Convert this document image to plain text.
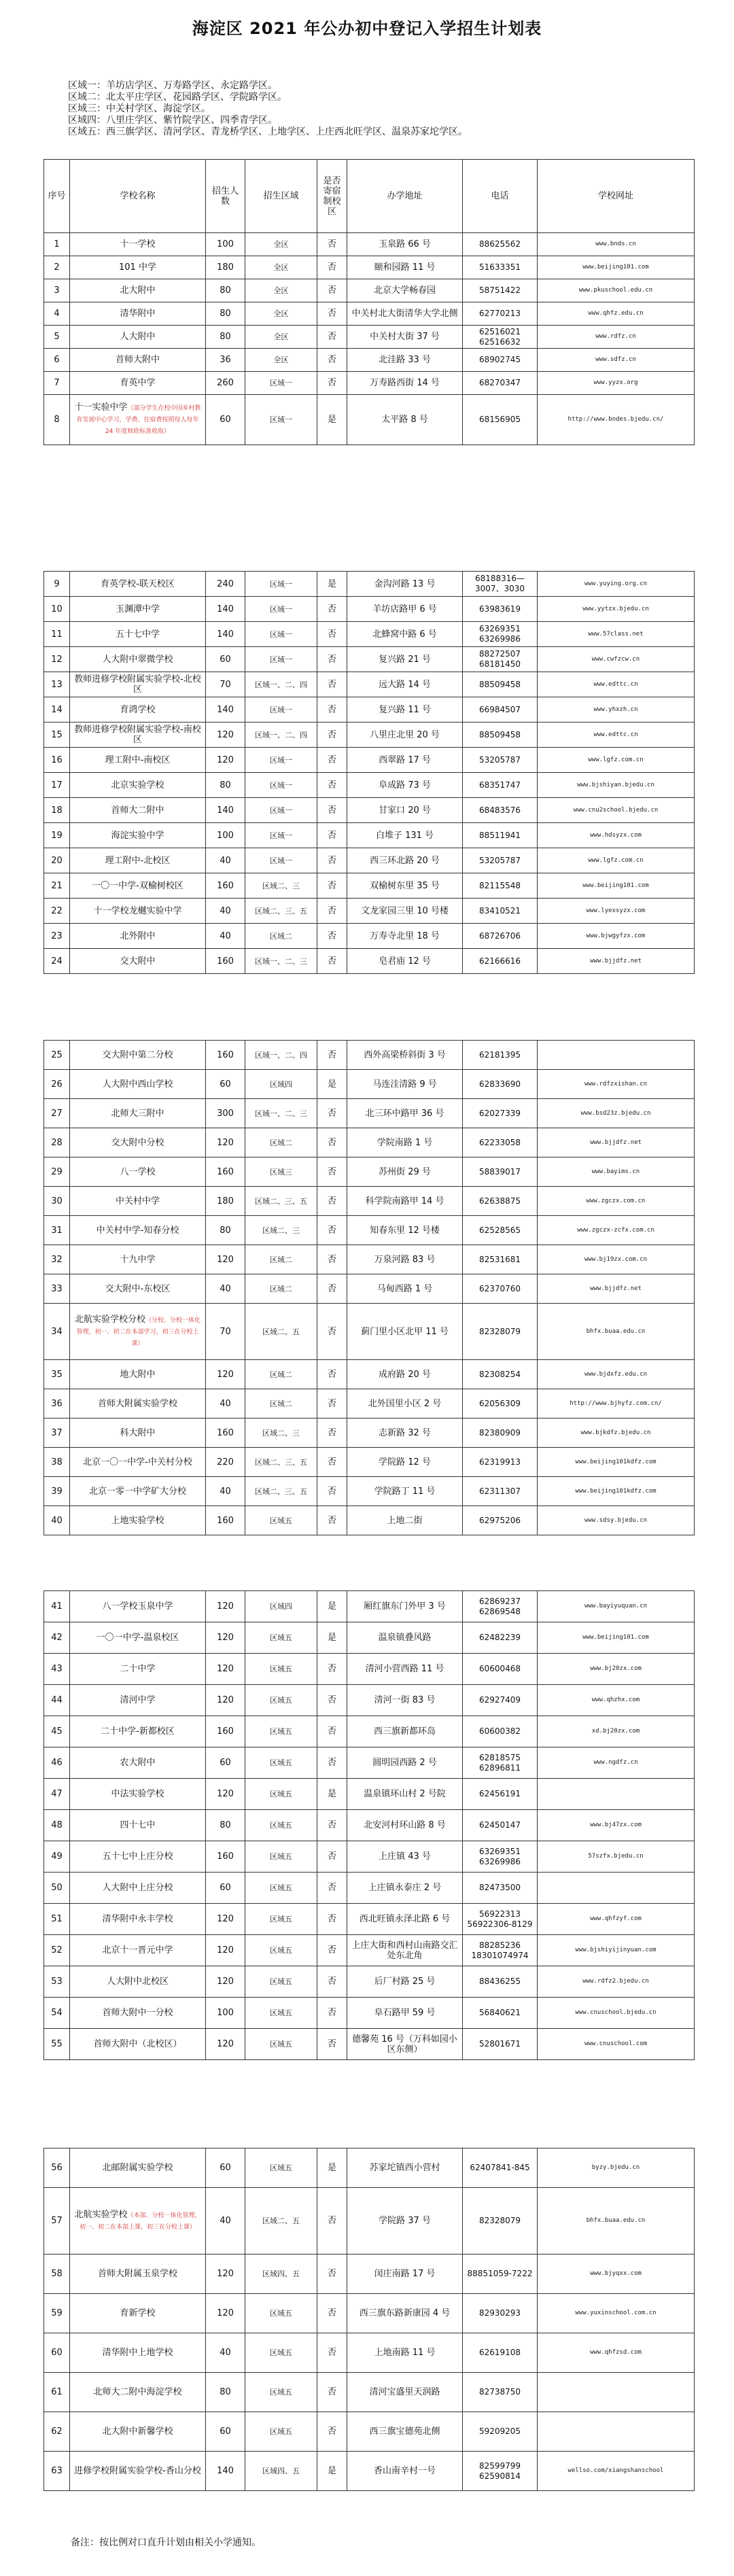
海淀区 2021 年公办初中登记入学招生计划表
区域一：羊坊店学区、万寿路学区、永定路学区。
区域二：北太平庄学区、花园路学区、学院路学区。
区域三：中关村学区、海淀学区。
区域四：八里庄学区、紫竹院学区、四季青学区。
区域五：西三旗学区、清河学区、青龙桥学区、上地学区、上庄西北旺学区、温泉苏家坨学区。
序号	学校名称	招生人数	招生区域	是否寄宿制校区	办学地址	电话	学校网址
1	十一学校	100	全区	否	玉泉路 66 号	88625562	www.bnds.cn
2	101 中学	180	全区	否	颐和园路 11 号	51633351	www.beijing101.com
3	北大附中	80	全区	否	北京大学畅春园	58751422	www.pkuschool.edu.cn
4	清华附中	80	全区	否	中关村北大街清华大学北侧	62770213	www.qhfz.edu.cn
5	人大附中	80	全区	否	中关村大街 37 号	62516021 62516632	www.rdfz.cn
6	首师大附中	36	全区	否	北洼路 33 号	68902745	www.sdfz.cn
7	育英中学	260	区域一	否	万寿路西街 14 号	68270347	www.yyzx.org
8	十一实验中学（部分学生在校中国乡村教育发展中心学习，学费、住宿费按照每人每年 24 年度财政标准收取）	60	区域一	是	太平路 8 号	68156905	http://www.bndes.bjedu.cn/
9	育英学校-联天校区	240	区域一	是	金沟河路 13 号	68188316—3007、3030	www.yuying.org.cn
10	玉渊潭中学	140	区域一	否	羊坊店路甲 6 号	63983619	www.yytzx.bjedu.cn
11	五十七中学	140	区域一	否	北蜂窝中路 6 号	63269351 63269986	www.57class.net
12	人大附中翠微学校	60	区域一	否	复兴路 21 号	88272507 68181450	www.cwfzcw.cn
13	教师进修学校附属实验学校-北校区	70	区域一、二、四	否	远大路 14 号	88509458	www.edttc.cn
14	育鸿学校	140	区域一	否	复兴路 11 号	66984507	www.yhxzh.cn
15	教师进修学校附属实验学校-南校区	120	区域一、二、四	否	八里庄北里 20 号	88509458	www.edttc.cn
16	理工附中-南校区	120	区域一	否	西翠路 17 号	53205787	www.lgfz.com.cn
17	北京实验学校	80	区域一	否	阜成路 73 号	68351747	www.bjshiyan.bjedu.cn
18	首师大二附中	140	区域一	否	甘家口 20 号	68483576	www.cnu2school.bjedu.cn
19	海淀实验中学	100	区域一	否	白堆子 131 号	88511941	www.hdsyzx.com
20	理工附中-北校区	40	区域一	否	西三环北路 20 号	53205787	www.lgfz.com.cn
21	一〇一中学-双榆树校区	160	区域二、三	否	双榆树东里 35 号	82115548	www.beijing101.com
22	十一学校龙樾实验中学	40	区域二、三、五	否	文龙家园三里 10 号楼	83410521	www.lyexsyzx.com
23	北外附中	40	区域二	否	万寿寺北里 18 号	68726706	www.bjwgyfzx.com
24	交大附中	160	区域一、二、三	否	皂君庙 12 号	62166616	www.bjjdfz.net
25	交大附中第二分校	160	区域一、二、四	否	西外高梁桥斜街 3 号	62181395	
26	人大附中西山学校	60	区域四	是	马连洼清路 9 号	62833690	www.rdfzxishan.cn
27	北师大三附中	300	区域一、二、三	否	北三环中路甲 36 号	62027339	www.bsd23z.bjedu.cn
28	交大附中分校	120	区域二	否	学院南路 1 号	62233058	www.bjjdfz.net
29	八一学校	160	区域三	否	苏州街 29 号	58839017	www.bayims.cn
30	中关村中学	180	区域二、三、五	否	科学院南路甲 14 号	62638875	www.zgczx.com.cn
31	中关村中学-知春分校	80	区域二、三	否	知春东里 12 号楼	62528565	www.zgczx-zcfx.com.cn
32	十九中学	120	区域二	否	万泉河路 83 号	82531681	www.bj19zx.com.cn
33	交大附中-东校区	40	区域二	否	马甸西路 1 号	62370760	www.bjjdfz.net
34	北航实验学校分校（分校、分校一体化管理，初一、初二在本部学习，初三在分校上课）	70	区域二、五	否	蓟门里小区北甲 11 号	82328079	bhfx.buaa.edu.cn
35	地大附中	120	区域二	否	成府路 20 号	82308254	www.bjdxfz.edu.cn
36	首师大附属实验学校	40	区域二	否	北外国里小区 2 号	62056309	http://www.bjhyfz.com.cn/
37	科大附中	160	区域二、三	否	志新路 32 号	82380909	www.bjkdfz.bjedu.cn
38	北京一〇一中学-中关村分校	220	区域二、三、五	否	学院路 12 号	62319913	www.beijing101kdfz.com
39	北京一零一中学矿大分校	40	区域二、三、五	否	学院路丁 11 号	62311307	www.beijing101kdfz.com
40	上地实验学校	160	区域五	否	上地二街	62975206	www.sdsy.bjedu.cn
41	八一学校玉泉中学	120	区域四	是	厢红旗东门外甲 3 号	62869237 62869548	www.bayiyuquan.cn
42	一〇一中学-温泉校区	120	区域五	是	温泉镇叠风路	62482239	www.beijing101.com
43	二十中学	120	区域五	否	清河小营西路 11 号	60600468	www.bj20zx.com
44	清河中学	120	区域五	否	清河一街 83 号	62927409	www.qhzhx.com
45	二十中学-新都校区	160	区域五	否	西三旗新都环岛	60600382	xd.bj20zx.com
46	农大附中	60	区域五	否	圆明园西路 2 号	62818575 62896811	www.ngdfz.cn
47	中法实验学校	120	区域五	是	温泉镇环山村 2 号院	62456191	
48	四十七中	80	区域五	否	北安河村环山路 8 号	62450147	www.bj47zx.com
49	五十七中上庄分校	160	区域五	否	上庄镇 43 号	63269351 63269986	57szfx.bjedu.cn
50	人大附中上庄分校	60	区域五	否	上庄镇永泰庄 2 号	82473500	
51	清华附中永丰学校	120	区域五	否	西北旺镇永泽北路 6 号	56922313 56922306-8129	www.qhfzyf.com
52	北京十一晋元中学	120	区域五	否	上庄大街和西村山南路交汇处东北角	88285236 18301074974	www.bjshiyijinyuan.com
53	人大附中北校区	120	区域五	否	后厂村路 25 号	88436255	www.rdfz2.bjedu.cn
54	首师大附中一分校	100	区域五	否	阜石路甲 59 号	56840621	www.cnuschool.bjedu.cn
55	首师大附中（北校区）	120	区域五	否	德馨苑 16 号（万科如园小区东侧）	52801671	www.cnuschool.com
56	北邮附属实验学校	60	区域五	是	苏家坨镇西小营村	62407841-845	byzy.bjedu.cn
57	北航实验学校（本部、分校一体化管理，初一、初二在本部上课，初三在分校上课）	40	区域二、五	否	学院路 37 号	82328079	bhfx.buaa.edu.cn
58	首师大附属玉泉学校	120	区域四、五	否	闵庄南路 17 号	88851059-7222	www.bjyqxx.com
59	育新学校	120	区域五	否	西三旗东路新康园 4 号	82930293	www.yuxinschool.com.cn
60	清华附中上地学校	40	区域五	否	上地南路 11 号	62619108	www.qhfzsd.com
61	北师大二附中海淀学校	80	区域五	否	清河宝盛里天润路	82738750	
62	北大附中新馨学校	60	区域五	否	西三旗宝德苑北侧	59209205	
63	进修学校附属实验学校-香山分校	140	区域四、五	是	香山南辛村一号	82599799 62590814	wellso.com/xiangshanschool
备注：按比例对口直升计划由相关小学通知。
